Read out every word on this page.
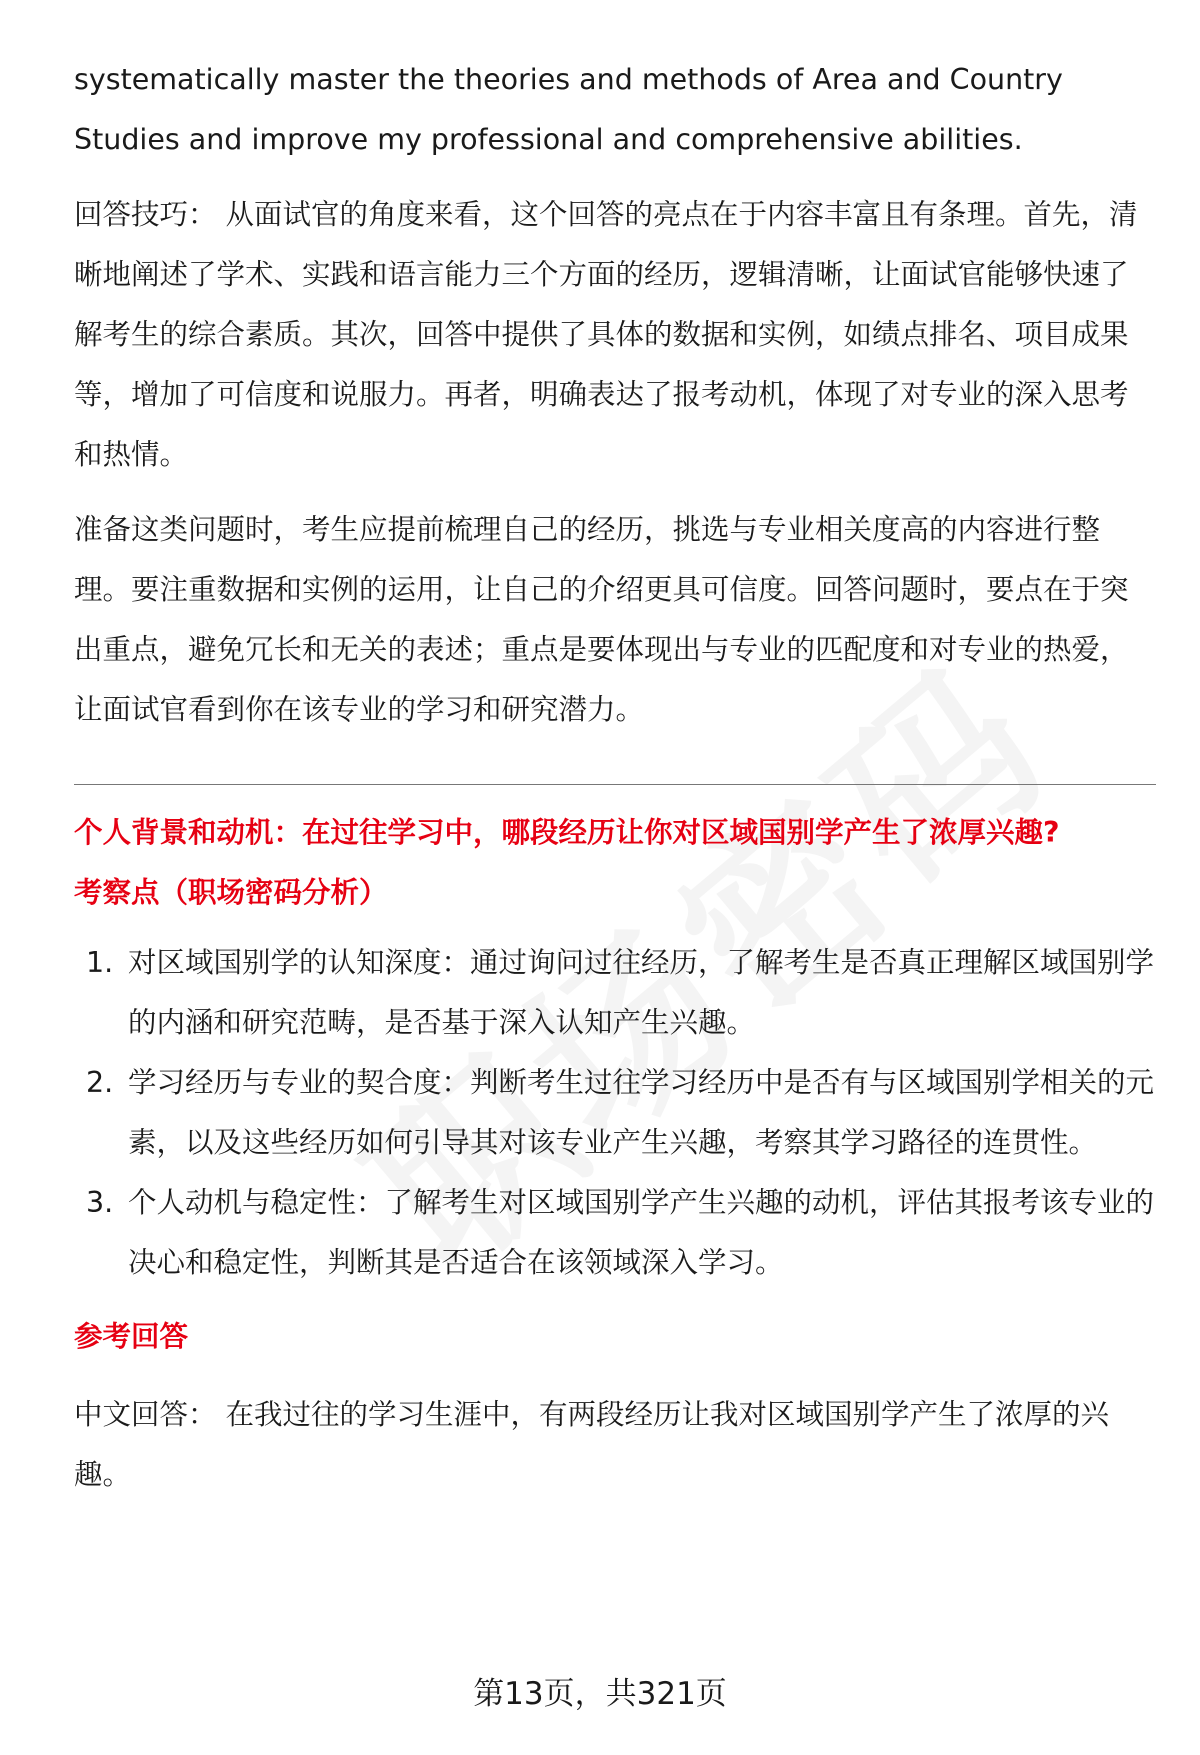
systematically master the theories and methods of Area and Country Studies and improve my professional and comprehensive abilities.

回答技巧： 从面试官的角度来看，这个回答的亮点在于内容丰富且有条理。首先，清晰地阐述了学术、实践和语言能力三个方面的经历，逻辑清晰，让面试官能够快速了解考生的综合素质。其次，回答中提供了具体的数据和实例，如绩点排名、项目成果等，增加了可信度和说服力。再者，明确表达了报考动机，体现了对专业的深入思考和热情。

准备这类问题时，考生应提前梳理自己的经历，挑选与专业相关度高的内容进行整理。要注重数据和实例的运用，让自己的介绍更具可信度。回答问题时，要点在于突出重点，避免冗长和无关的表述；重点是要体现出与专业的匹配度和对专业的热爱，让面试官看到你在该专业的学习和研究潜力。

个人背景和动机：在过往学习中，哪段经历让你对区域国别学产生了浓厚兴趣?

考察点（职场密码分析）

1. 对区域国别学的认知深度：通过询问过往经历，了解考生是否真正理解区域国别学的内涵和研究范畴，是否基于深入认知产生兴趣。
2. 学习经历与专业的契合度：判断考生过往学习经历中是否有与区域国别学相关的元素，以及这些经历如何引导其对该专业产生兴趣，考察其学习路径的连贯性。
3. 个人动机与稳定性：了解考生对区域国别学产生兴趣的动机，评估其报考该专业的决心和稳定性，判断其是否适合在该领域深入学习。

参考回答

中文回答： 在我过往的学习生涯中，有两段经历让我对区域国别学产生了浓厚的兴趣。

第13页，共321页
